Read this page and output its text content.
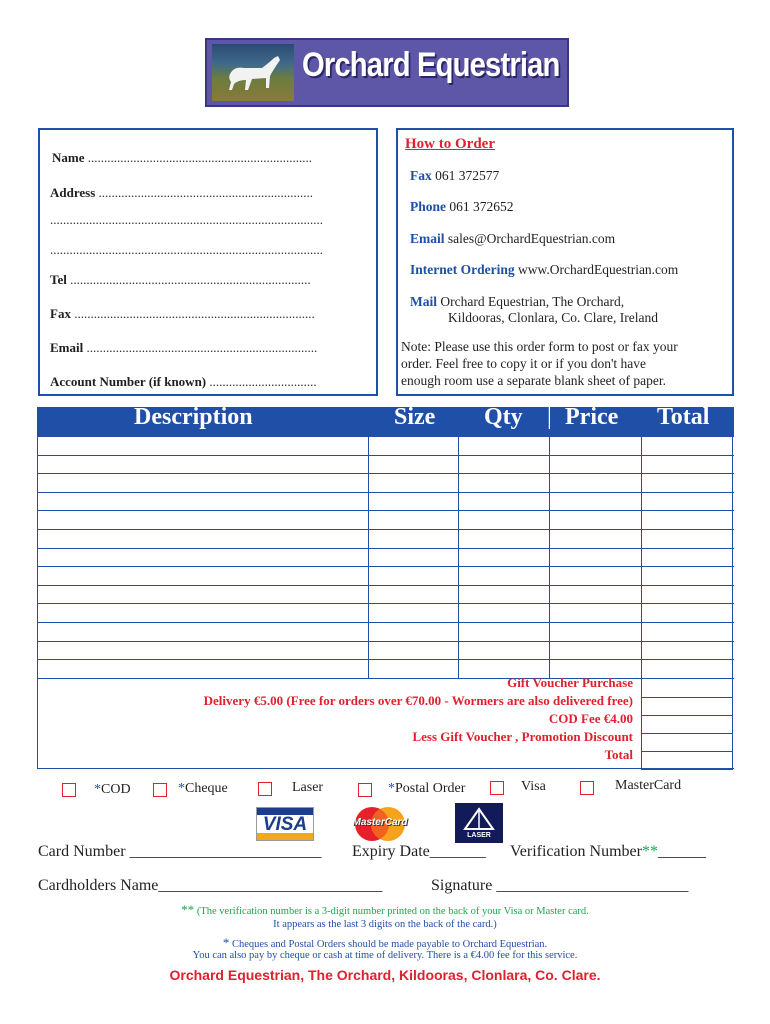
Orchard Equestrian
Name .....................................................................
Address ..................................................................
....................................................................................
....................................................................................
Tel ..........................................................................
Fax ..........................................................................
Email .......................................................................
Account Number (if known) .................................
How to Order
Fax 061 372577
Phone 061 372652
Email sales@OrchardEquestrian.com
Internet Ordering www.OrchardEquestrian.com
Mail Orchard Equestrian, The Orchard,
Kildooras, Clonlara, Co. Clare, Ireland
Note: Please use this order form to post or fax your
order. Feel free to copy it or if you don't have
enough room use a separate blank sheet of paper.
Description	Size Qty | Price Total
Gift Voucher Purchase
Delivery €5.00 (Free for orders over €70.00 - Wormers are also delivered free)
COD Fee €4.00
Less Gift Voucher , Promotion Discount
Total
*COD	*Cheque	Laser	*Postal Order	Visa	MasterCard
VISA	MasterCard
LASER
Card Number ________________________ Expiry Date_______ Verification Number**______
Cardholders Name____________________________	Signature ________________________
** (The verification number is a 3-digit number printed on the back of your Visa or Master card.
It appears as the last 3 digits on the back of the card.)
* Cheques and Postal Orders should be made payable to Orchard Equestrian.
You can also pay by cheque or cash at time of delivery. There is a €4.00 fee for this service.
Orchard Equestrian, The Orchard, Kildooras, Clonlara, Co. Clare.
